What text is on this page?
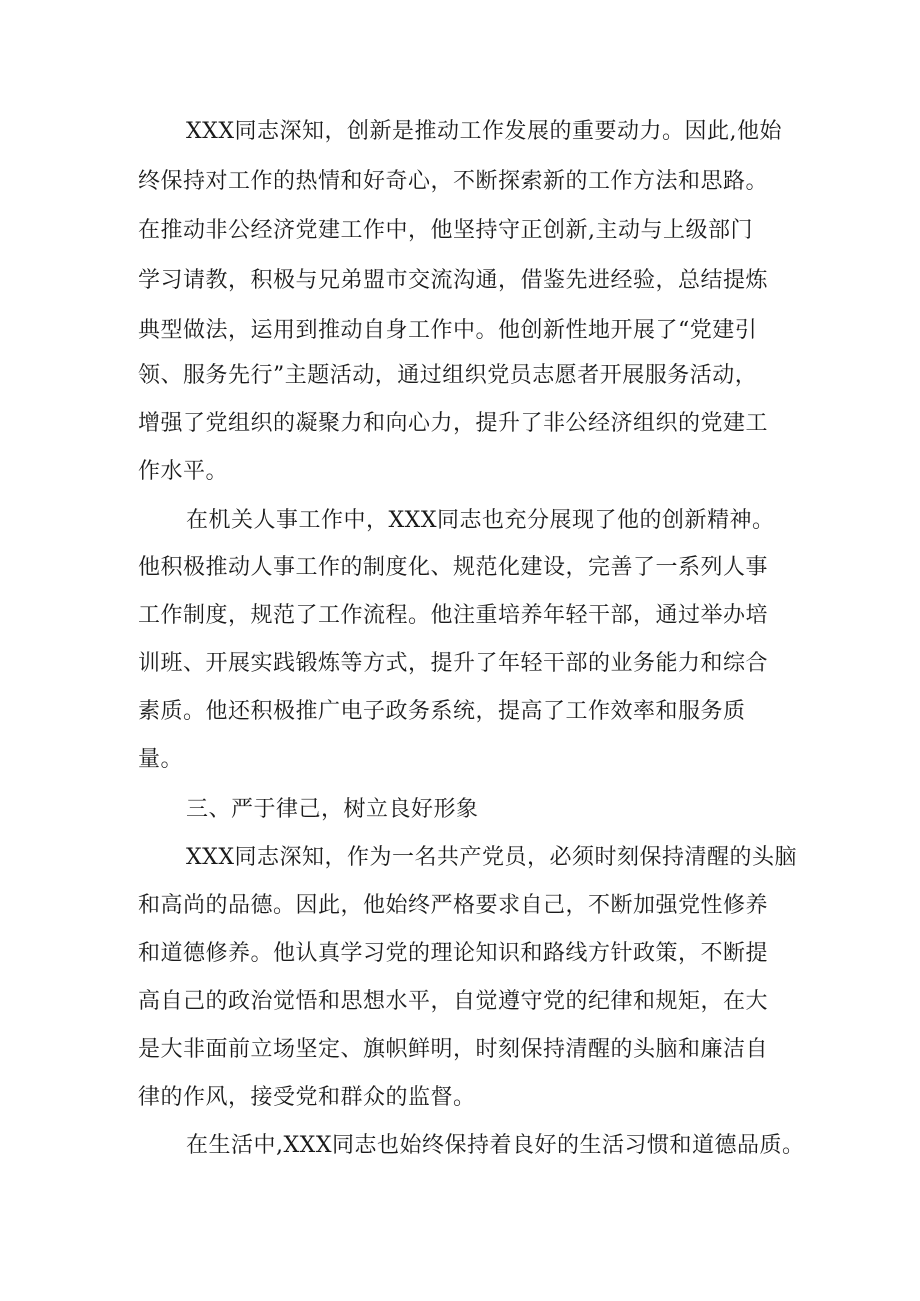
XXX同志深知，创新是推动工作发展的重要动力。因此,他始
终保持对工作的热情和好奇心，不断探索新的工作方法和思路。
在推动非公经济党建工作中，他坚持守正创新,主动与上级部门
学习请教，积极与兄弟盟市交流沟通，借鉴先进经验，总结提炼
典型做法，运用到推动自身工作中。他创新性地开展了“党建引
领、服务先行”主题活动，通过组织党员志愿者开展服务活动，
增强了党组织的凝聚力和向心力，提升了非公经济组织的党建工
作水平。
在机关人事工作中，XXX同志也充分展现了他的创新精神。
他积极推动人事工作的制度化、规范化建设，完善了一系列人事
工作制度，规范了工作流程。他注重培养年轻干部，通过举办培
训班、开展实践锻炼等方式，提升了年轻干部的业务能力和综合
素质。他还积极推广电子政务系统，提高了工作效率和服务质
量。
三、严于律己，树立良好形象
XXX同志深知，作为一名共产党员，必须时刻保持清醒的头脑
和高尚的品德。因此，他始终严格要求自己，不断加强党性修养
和道德修养。他认真学习党的理论知识和路线方针政策，不断提
高自己的政治觉悟和思想水平，自觉遵守党的纪律和规矩，在大
是大非面前立场坚定、旗帜鲜明，时刻保持清醒的头脑和廉洁自
律的作风，接受党和群众的监督。
在生活中,XXX同志也始终保持着良好的生活习惯和道德品质。
